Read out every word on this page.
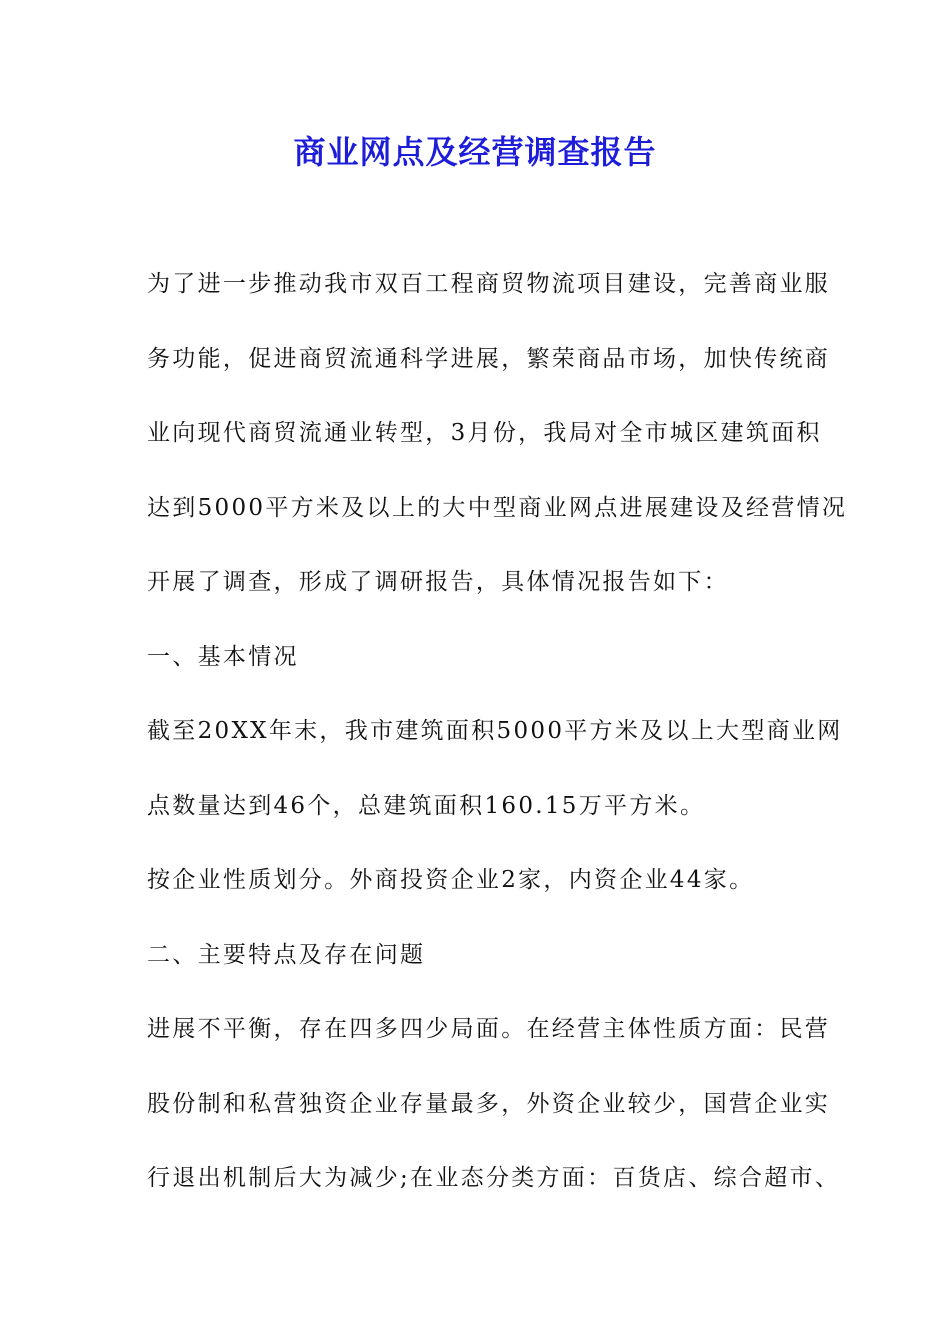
商业网点及经营调查报告
为了进一步推动我市双百工程商贸物流项目建设，完善商业服
务功能，促进商贸流通科学进展，繁荣商品市场，加快传统商
业向现代商贸流通业转型，3月份，我局对全市城区建筑面积
达到5000平方米及以上的大中型商业网点进展建设及经营情况
开展了调查，形成了调研报告，具体情况报告如下：
一、基本情况
截至20XX年末，我市建筑面积5000平方米及以上大型商业网
点数量达到46个，总建筑面积160.15万平方米。
按企业性质划分。外商投资企业2家，内资企业44家。
二、主要特点及存在问题
进展不平衡，存在四多四少局面。在经营主体性质方面：民营
股份制和私营独资企业存量最多，外资企业较少，国营企业实
行退出机制后大为减少;在业态分类方面：百货店、综合超市、
